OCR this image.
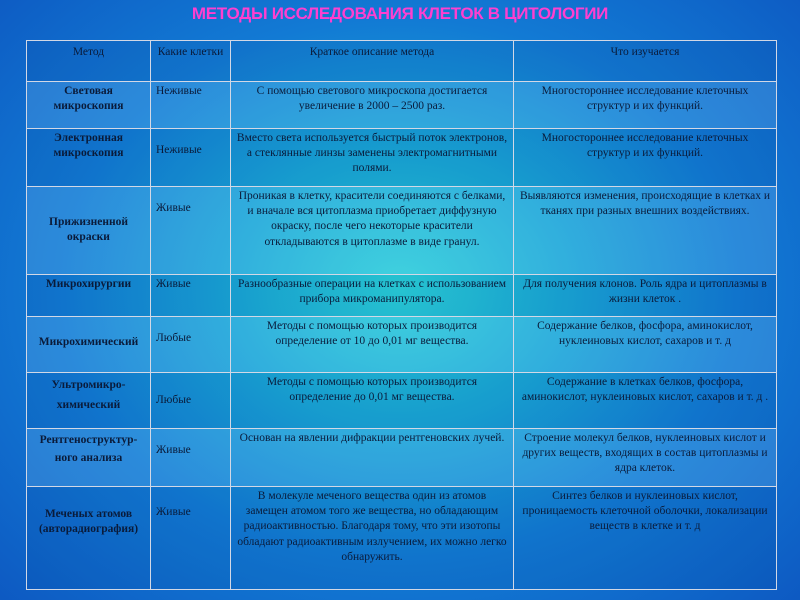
МЕТОДЫ ИССЛЕДОВАНИЯ КЛЕТОК В ЦИТОЛОГИИ
Метод	Какие клетки	Краткое описание метода	Что изучается
Световая микроскопия	Неживые	С помощью светового микроскопа достигается увеличение в 2000 – 2500 раз.	Многостороннее исследование клеточных структур и их функций.
Электронная микроскопия	Неживые	Вместо света используется быстрый поток электронов, а стеклянные линзы заменены электромагнитными полями.	Многостороннее исследование клеточных структур и их функций.
Прижизненной окраски	Живые	Проникая в клетку, красители соединяются с белками, и вначале вся цитоплазма приобретает диффузную окраску, после чего некоторые красители откладываются в цитоплазме в виде гранул.	Выявляются изменения, происходящие в клетках и тканях при разных внешних воздействиях.
Микрохирургии	Живые	Разнообразные операции на клетках с использованием прибора микроманипулятора.	Для получения клонов. Роль ядра и цитоплазмы в жизни клеток .
Микрохимический	Любые	Методы с помощью которых производится определение от 10 до 0,01 мг вещества.	Содержание белков, фосфора, аминокислот, нуклеиновых кислот, сахаров и т. д
Ультромикро-химический	Любые	Методы с помощью которых производится определение до 0,01 мг вещества.	Содержание в клетках белков, фосфора, аминокислот, нуклеиновых кислот, сахаров и т. д .
Рентгеноструктур-ного анализа	Живые	Основан на явлении дифракции рентгеновских лучей.	Строение молекул белков, нуклеиновых кислот и других веществ, входящих в состав цитоплазмы и ядра клеток.
Меченых атомов (авторадиография)	Живые	В молекуле меченого вещества один из атомов замещен атомом того же вещества, но обладающим радиоактивностью. Благодаря тому, что эти изотопы обладают радиоактивным излучением, их можно легко обнаружить.	Синтез белков и нуклеиновых кислот, проницаемость клеточной оболочки, локализации веществ в клетке и т. д
